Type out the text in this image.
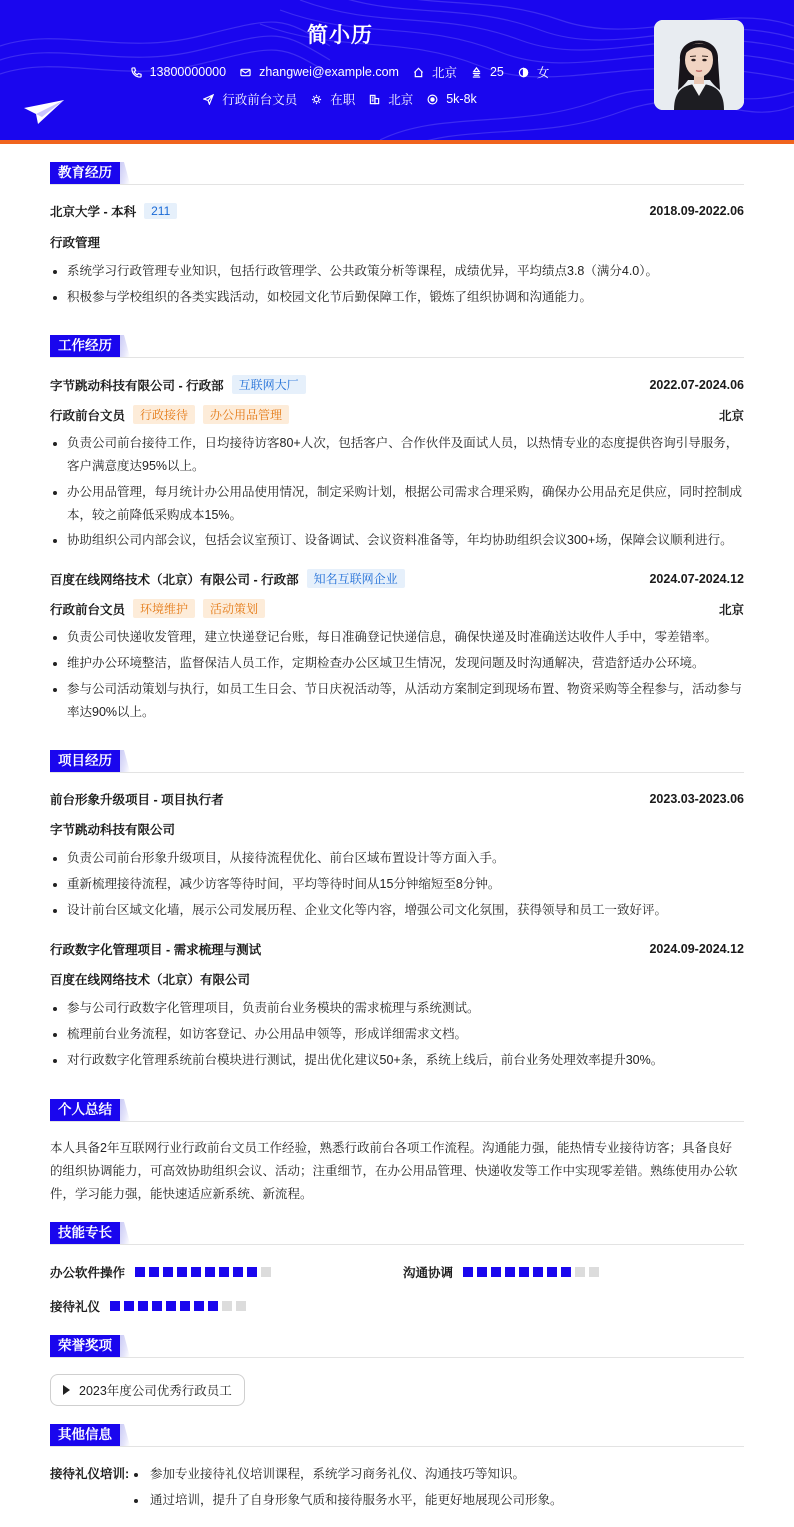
简小历
13800000000	zhangwei@example.com	北京	25	女
行政前台文员	在职	北京	5k-8k
教育经历
北京大学 - 本科	211	2018.09-2022.06
行政管理
系统学习行政管理专业知识，包括行政管理学、公共政策分析等课程，成绩优异，平均绩点3.8（满分4.0）。
积极参与学校组织的各类实践活动，如校园文化节后勤保障工作，锻炼了组织协调和沟通能力。
工作经历
字节跳动科技有限公司 - 行政部	互联网大厂	2022.07-2024.06
行政前台文员	行政接待	办公用品管理	北京
负责公司前台接待工作，日均接待访客80+人次，包括客户、合作伙伴及面试人员，以热情专业的态度提供咨询引导服务，客户满意度达95%以上。
办公用品管理，每月统计办公用品使用情况，制定采购计划，根据公司需求合理采购，确保办公用品充足供应，同时控制成本，较之前降低采购成本15%。
协助组织公司内部会议，包括会议室预订、设备调试、会议资料准备等，年均协助组织会议300+场，保障会议顺利进行。
百度在线网络技术（北京）有限公司 - 行政部	知名互联网企业	2024.07-2024.12
行政前台文员	环境维护	活动策划	北京
负责公司快递收发管理，建立快递登记台账，每日准确登记快递信息，确保快递及时准确送达收件人手中，零差错率。
维护办公环境整洁，监督保洁人员工作，定期检查办公区域卫生情况，发现问题及时沟通解决，营造舒适办公环境。
参与公司活动策划与执行，如员工生日会、节日庆祝活动等，从活动方案制定到现场布置、物资采购等全程参与，活动参与率达90%以上。
项目经历
前台形象升级项目 - 项目执行者	2023.03-2023.06
字节跳动科技有限公司
负责公司前台形象升级项目，从接待流程优化、前台区域布置设计等方面入手。
重新梳理接待流程，减少访客等待时间，平均等待时间从15分钟缩短至8分钟。
设计前台区域文化墙，展示公司发展历程、企业文化等内容，增强公司文化氛围，获得领导和员工一致好评。
行政数字化管理项目 - 需求梳理与测试	2024.09-2024.12
百度在线网络技术（北京）有限公司
参与公司行政数字化管理项目，负责前台业务模块的需求梳理与系统测试。
梳理前台业务流程，如访客登记、办公用品申领等，形成详细需求文档。
对行政数字化管理系统前台模块进行测试，提出优化建议50+条，系统上线后，前台业务处理效率提升30%。
个人总结
本人具备2年互联网行业行政前台文员工作经验，熟悉行政前台各项工作流程。沟通能力强，能热情专业接待访客；具备良好的组织协调能力，可高效协助组织会议、活动；注重细节，在办公用品管理、快递收发等工作中实现零差错。熟练使用办公软件，学习能力强，能快速适应新系统、新流程。
技能专长
办公软件操作	沟通协调
接待礼仪
荣誉奖项
2023年度公司优秀行政员工
其他信息
接待礼仪培训:	参加专业接待礼仪培训课程，系统学习商务礼仪、沟通技巧等知识。
通过培训，提升了自身形象气质和接待服务水平，能更好地展现公司形象。
